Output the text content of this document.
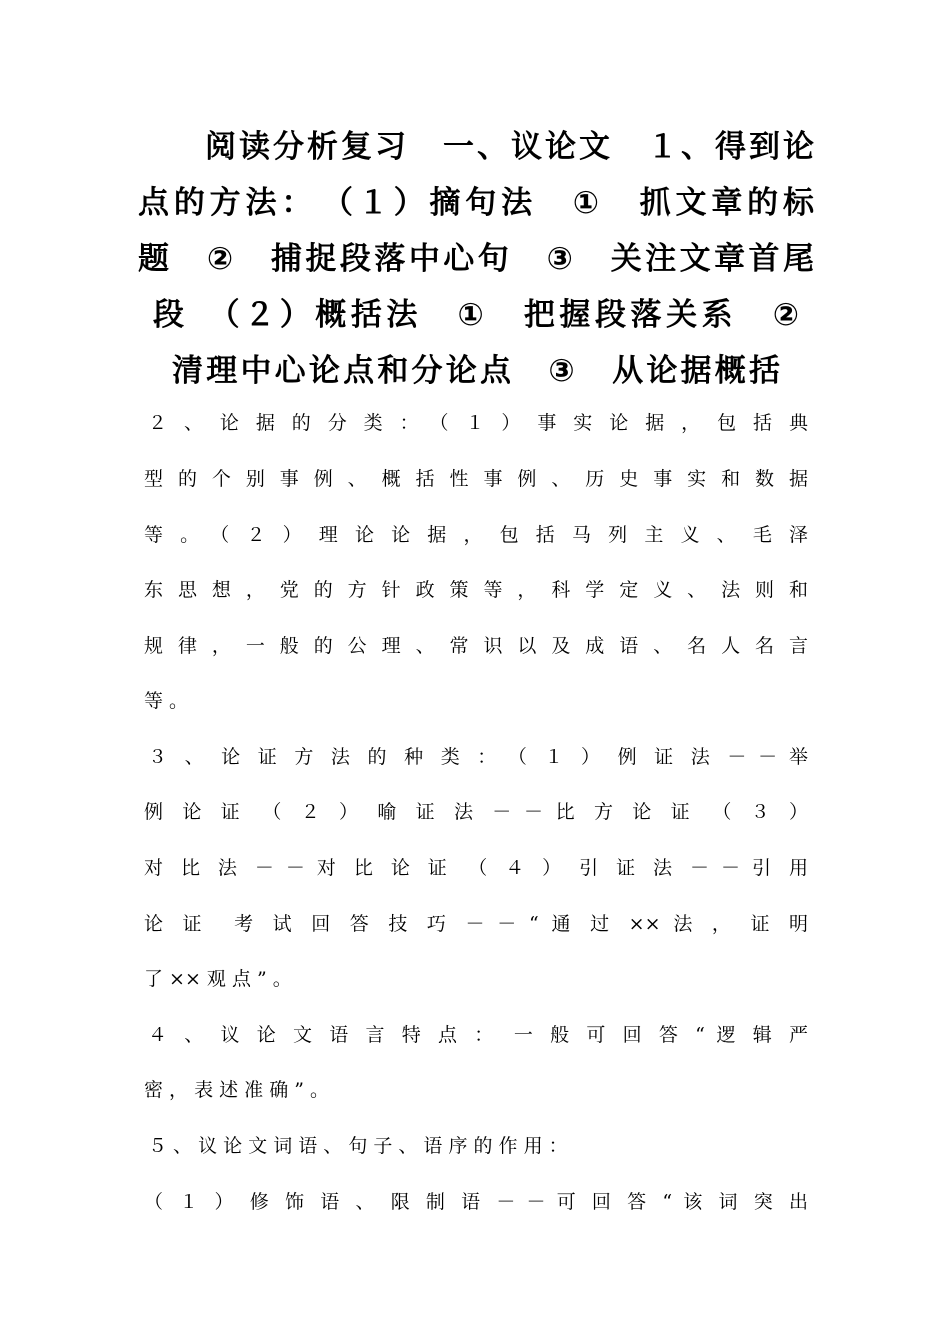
阅读分析复习　一、议论文　１、得到论
点的方法：　（１）摘句法　①　抓文章的标
题　②　捕捉段落中心句　③　关注文章首尾
段　（２）概括法　①　把握段落关系　②
清理中心论点和分论点　③　从论据概括
２ 、 论 据 的 分 类 ：　（ １ ） 事 实 论 据 ， 包 括 典
型 的 个 别 事 例 、 概 括 性 事 例 、 历 史 事 实 和 数 据
等 。　（ ２ ） 理 论 论 据 ， 包 括 马 列 主 义 、 毛 泽
东 思 想 ， 党 的 方 针 政 策 等 ， 科 学 定 义 、 法 则 和
规 律 ， 一 般 的 公 理 、 常 识 以 及 成 语 、 名 人 名 言
等 。
３ 、 论 证 方 法 的 种 类 ：　（ １ ） 例 证 法 － － 举
例 论 证　（ ２ ） 喻 证 法 － － 比 方 论 证　（ ３ ）
对 比 法 － － 对 比 论 证　（ ４ ） 引 证 法 － － 引 用
论 证　考 试 回 答 技 巧 － － “ 通 过 ×× 法 ， 证 明
了 ×× 观 点 ” 。
４ 、 议 论 文 语 言 特 点 ：　一 般 可 回 答 “ 逻 辑 严
密 ， 表 述 准 确 ” 。
５ 、 议 论 文 词 语 、 句 子 、 语 序 的 作 用 ：
（ １ ） 修 饰 语 、 限 制 语 － － 可 回 答 “ 该 词 突 出
